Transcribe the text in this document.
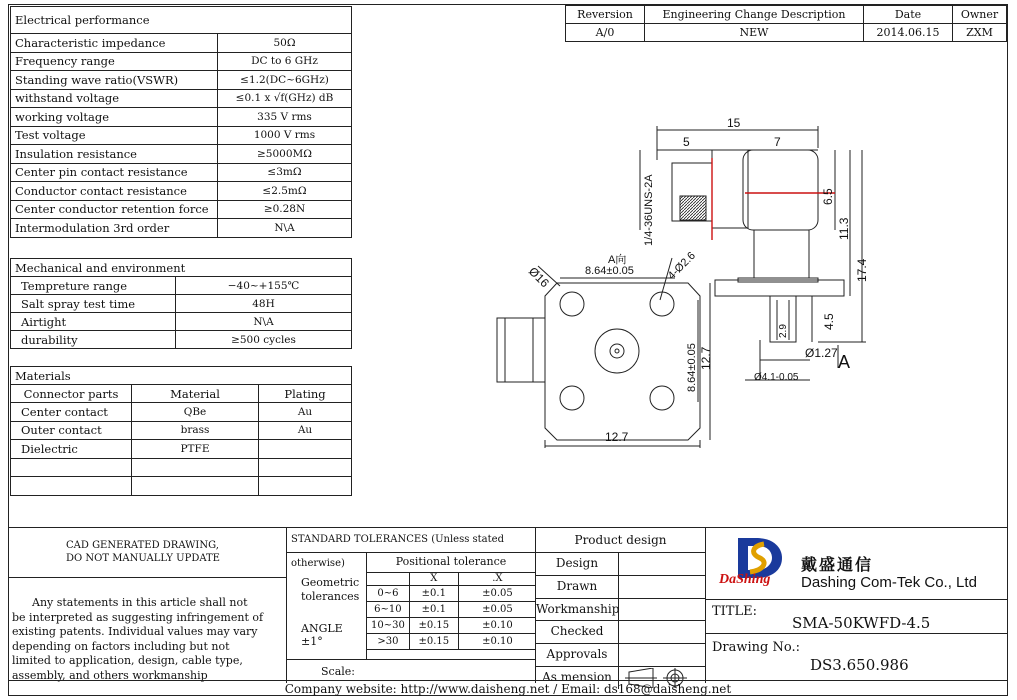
Electrical performance	
Characteristic impedance	50Ω
Frequency range	DC to 6 GHz
Standing wave ratio(VSWR)	≤1.2(DC~6GHz)
withstand voltage	≤0.1 x √f(GHz) dB
working voltage	335 V rms
Test voltage	1000 V rms
Insulation resistance	≥5000MΩ
Center pin contact resistance	≤3mΩ
Conductor contact resistance	≤2.5mΩ
Center conductor retention force	≥0.28N
Intermodulation 3rd order	N\A
Mechanical and environment	
Tempreture range	−40~+155℃
Salt spray test time	48H
Airtight	N\A
durability	≥500 cycles
Materials		
Connector parts	Material	Plating
Center contact	QBe	Au
Outer contact	brass	Au
Dielectric	PTFE	

Reversion	Engineering Change Description	Date	Owner
A/0	NEW	2014.06.15	ZXM
15
5	7
6.5
11.3
17.4
1/4-36UNS-2A
4.5
2.9
Ø1.27
Ø4.1-0.05
A
Ø16
A向
8.64±0.05	4-Ø2.6
8.64±0.05 12.7
12.7
CAD GENERATED DRAWING,
DO NOT MANUALLY UPDATE
Any statements in this article shall not
be interpreted as suggesting infringement of
existing patents. Individual values may vary
depending on factors including but not
limited to application, design, cable type,
assembly, and others workmanship
STANDARD TOLERANCES (Unless stated otherwise)
Geometric
tolerances
ANGLE ±1°
Positional tolerance
	X	.X
0~6	±0.1	±0.05
6~10	±0.1	±0.05
10~30	±0.15	±0.10
>30	±0.15	±0.10
Scale:
Product design
Design
Drawn
Workmanship
Checked
Approvals
As mension
DaShing
戴盛通信
Dashing Com-Tek Co., Ltd
TITLE:
SMA-50KWFD-4.5
Drawing No.:
DS3.650.986
Company website: http://www.daisheng.net / Email: ds168@daisheng.net
